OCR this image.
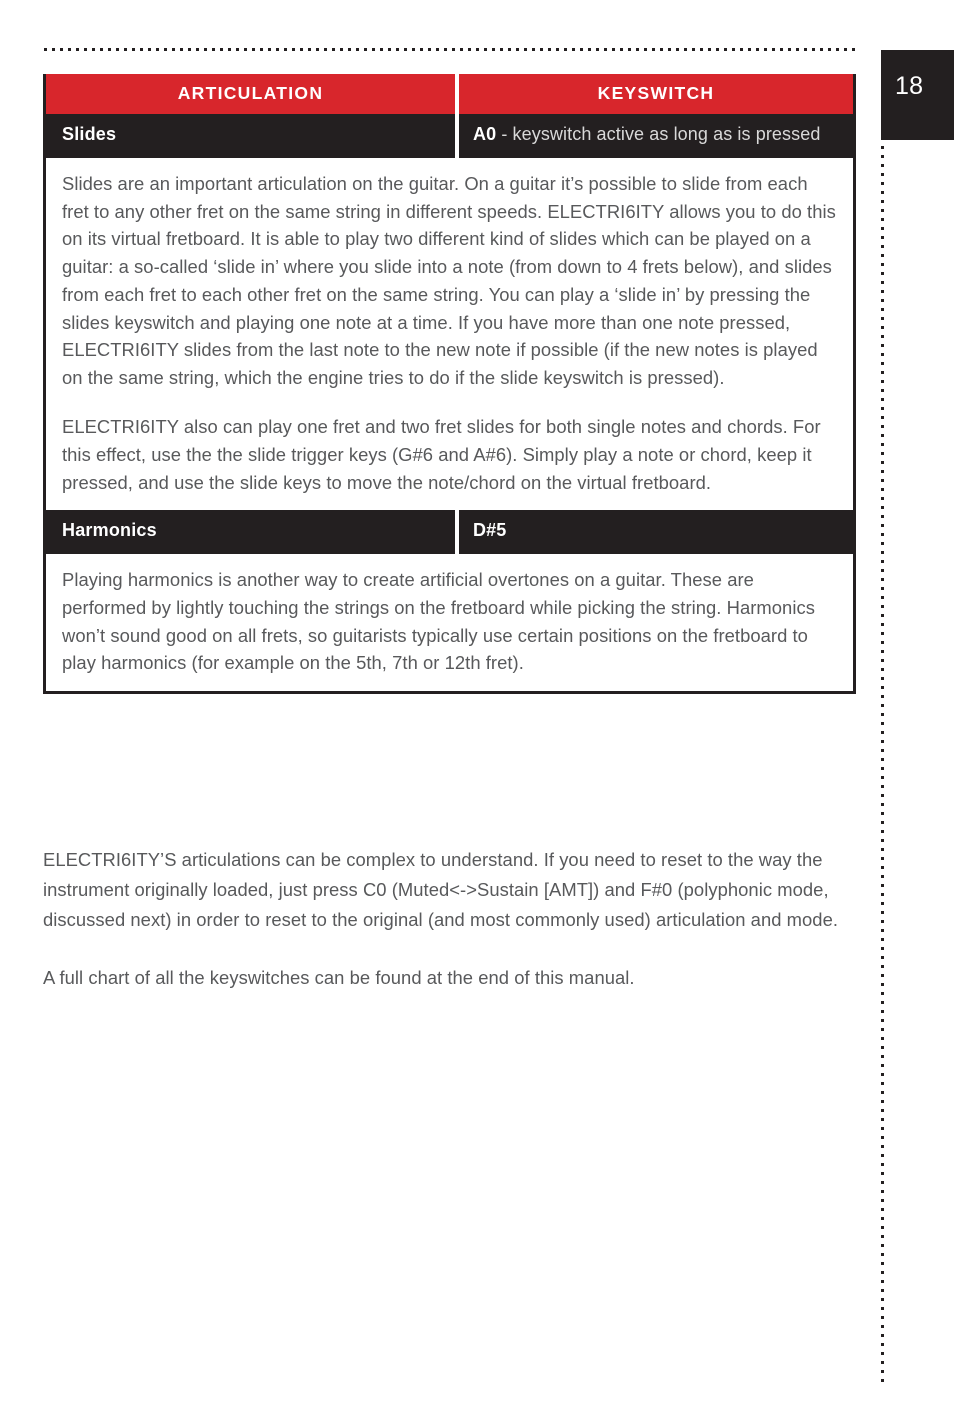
18
ARTICULATION	KEYSWITCH
Slides	A0 - keyswitch active as long as is pressed

Slides are an important articulation on the guitar. On a guitar it’s possible to slide from each fret to any other fret on the same string in different speeds. ELECTRI6ITY allows you to do this on its virtual fretboard. It is able to play two different kind of slides which can be played on a guitar: a so-called ‘slide in’ where you slide into a note (from down to 4 frets below), and slides from each fret to each other fret on the same string. You can play a ‘slide in’ by pressing the slides keyswitch and playing one note at a time. If you have more than one note pressed, ELECTRI6ITY slides from the last note to the new note if possible (if the new notes is played on the same string, which the engine tries to do if the slide keyswitch is pressed).

ELECTRI6ITY also can play one fret and two fret slides for both single notes and chords. For this effect, use the the slide trigger keys (G#6 and A#6). Simply play a note or chord, keep it pressed, and use the slide keys to move the note/chord on the virtual fretboard.

Harmonics	D#5

Playing harmonics is another way to create artificial overtones on a guitar. These are performed by lightly touching the strings on the fretboard while picking the string. Harmonics won’t sound good on all frets, so guitarists typically use certain positions on the fretboard to play harmonics (for example on the 5th, 7th or 12th fret).

ELECTRI6ITY’S articulations can be complex to understand. If you need to reset to the way the instrument originally loaded, just press C0 (Muted<->Sustain [AMT]) and F#0 (polyphonic mode, discussed next) in order to reset to the original (and most commonly used) articulation and mode.

A full chart of all the keyswitches can be found at the end of this manual.
